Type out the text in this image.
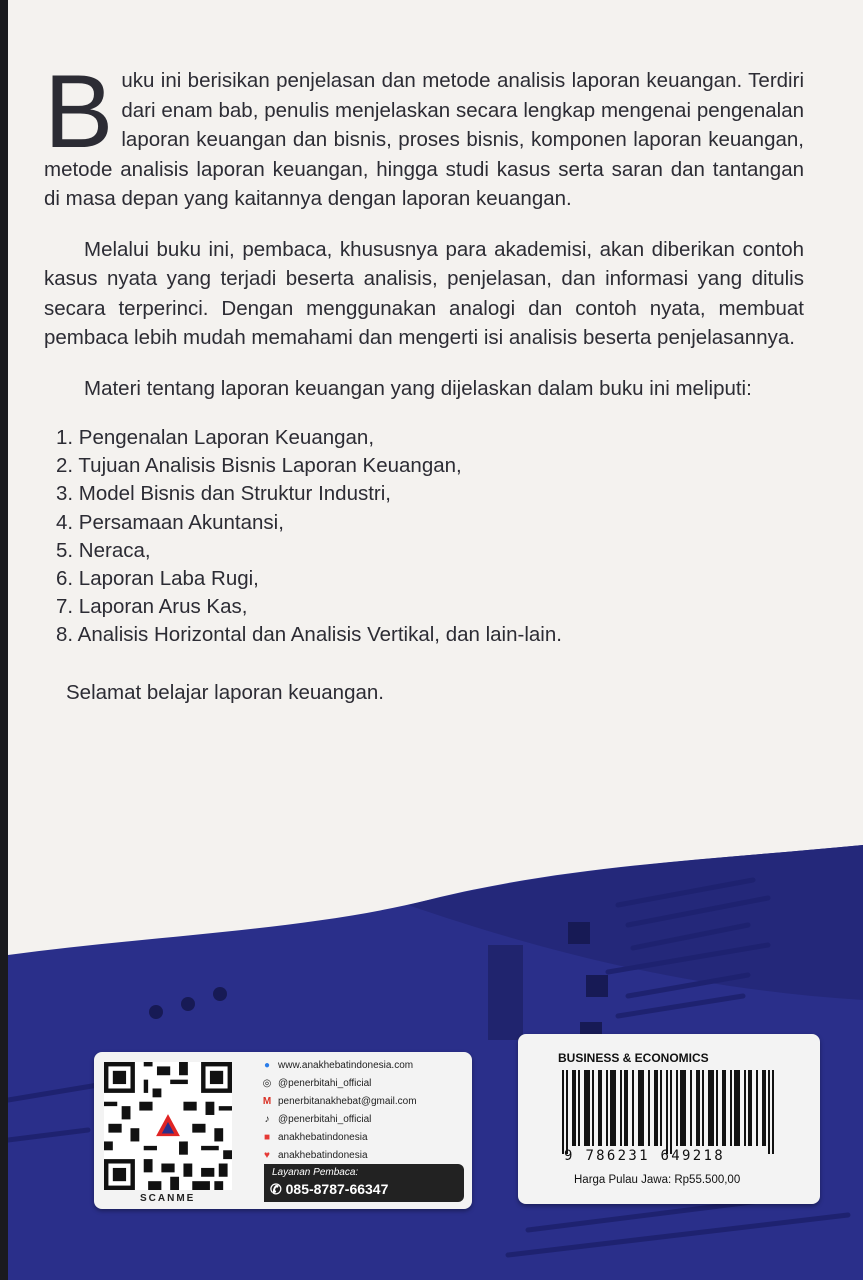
Buku ini berisikan penjelasan dan metode analisis laporan keuangan. Terdiri dari enam bab, penulis menjelaskan secara lengkap mengenai pengenalan laporan keuangan dan bisnis, proses bisnis, komponen laporan keuangan, metode analisis laporan keuangan, hingga studi kasus serta saran dan tantangan di masa depan yang kaitannya dengan laporan keuangan.

Melalui buku ini, pembaca, khususnya para akademisi, akan diberikan contoh kasus nyata yang terjadi beserta analisis, penjelasan, dan informasi yang ditulis secara terperinci. Dengan menggunakan analogi dan contoh nyata, membuat pembaca lebih mudah memahami dan mengerti isi analisis beserta penjelasannya.

Materi tentang laporan keuangan yang dijelaskan dalam buku ini meliputi:

1. Pengenalan Laporan Keuangan,
2. Tujuan Analisis Bisnis Laporan Keuangan,
3. Model Bisnis dan Struktur Industri,
4. Persamaan Akuntansi,
5. Neraca,
6. Laporan Laba Rugi,
7. Laporan Arus Kas,
8. Analisis Horizontal dan Analisis Vertikal, dan lain-lain.

Selamat belajar laporan keuangan.

SCANME
● www.anakhebatindonesia.com
◎ @penerbitahi_official
M penerbitanakhebat@gmail.com
♪ @penerbitahi_official
■ anakhebatindonesia
♥ anakhebatindonesia
Layanan Pembaca:
✆ 085-8787-66347
BUSINESS & ECONOMICS
9 786231 649218
Harga Pulau Jawa: Rp55.500,00
